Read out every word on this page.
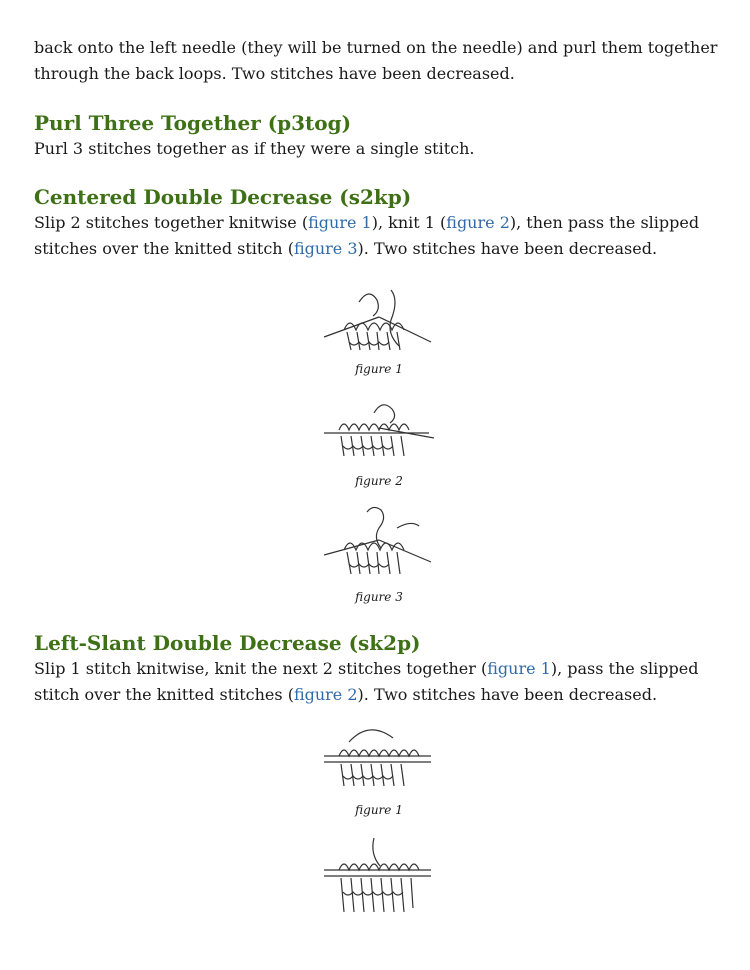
back onto the left needle (they will be turned on the needle) and purl them together
through the back loops. Two stitches have been decreased.

Purl Three Together (p3tog)

Purl 3 stitches together as if they were a single stitch.

Centered Double Decrease (s2kp)

Slip 2 stitches together knitwise (figure 1), knit 1 (figure 2), then pass the slipped
stitches over the knitted stitch (figure 3). Two stitches have been decreased.

figure 1
figure 2
figure 3
Left-Slant Double Decrease (sk2p)

Slip 1 stitch knitwise, knit the next 2 stitches together (figure 1), pass the slipped
stitch over the knitted stitches (figure 2). Two stitches have been decreased.

figure 1
